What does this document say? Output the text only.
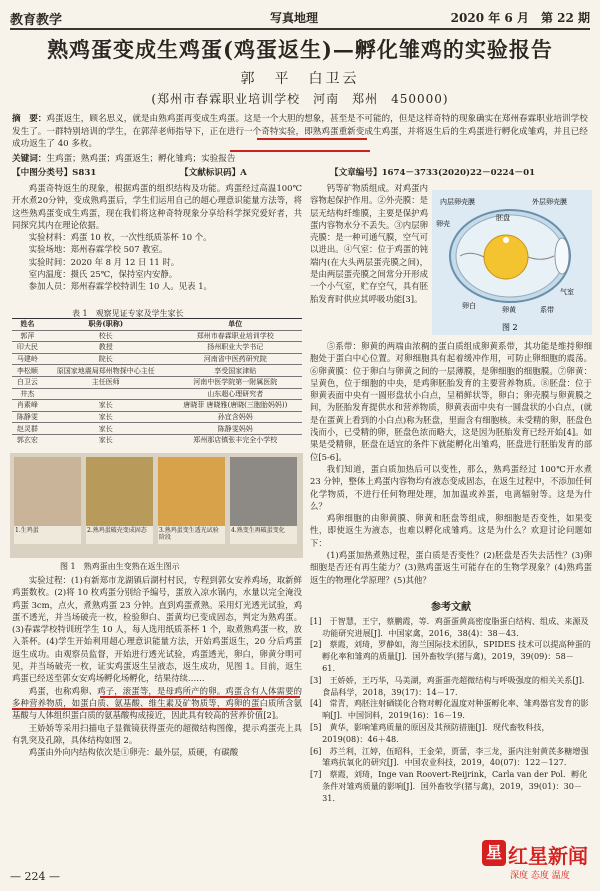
教育教学	写真地理	2020 年 6 月　第 22 期
熟鸡蛋变成生鸡蛋(鸡蛋返生)—孵化雏鸡的实验报告
郭　平　白卫云
(郑州市春霖职业培训学校　河南　郑州　450000)
摘　要：鸡蛋返生，顾名思义，就是由熟鸡蛋再变成生鸡蛋。这是一个大胆的想象，甚至是不可能的，但是这样奇特的现象确实在郑州春霖职业培训学校发生了。一群特别培训的学生，在郭萍老师指导下，正在进行一个奇特实验，即熟鸡蛋重新变成生鸡蛋，并将返生后的生鸡蛋进行孵化成雏鸡，并且已经成功返生了 40 多枚。
关键词：生鸡蛋；熟鸡蛋；鸡蛋返生；孵化雏鸡；实验报告
【中图分类号】S831	【文献标识码】A	【文章编号】1674－3733(2020)22－0224－01

鸡蛋奇特返生的现象，根据鸡蛋的组织结构及功能。鸡蛋经过高温100℃开水煮20分钟，变成熟鸡蛋后，学生们运用自己的超心理意识能量方法等，将这些熟鸡蛋变成生鸡蛋，现在我们将这种奇特现象分享给科学探究爱好者，共同探究其内在理论依据。

实验材料：鸡蛋 10 枚，一次性纸质茶杯 10 个。

实验场地：郑州春霖学校 507 教室。

实验时间：2020 年 8 月 12 日 11 时。

室内温度：摄氏 25℃，保持室内安静。

参加人员：郑州春霖学校特训生 10 人。见表 1。

表 1　观察见证专家及学生家长
姓名	职务(职称)	单位
郭萍	校长	郑州市春霖职业培训学校
印大民	教授	扬州职业大学书记
马建岭	院长	河南省中医药研究院
李松顺	原国家地震局郑州物探中心主任	享受国家津贴
白卫云	主任医师	河南中医学院第一附属医院
井杰		山东超心理研究者
肖素峰	家长	唐晓菲 唐晓雅(唐晓(三胞胎妈妈))
陈静雯	家长	孙宜含妈妈
赵灵群	家长	陈静雯妈妈
郭玄宏	家长	郑州那店镇张丰完全小学校
1.生鸡蛋	2.熟鸡蛋破壳变成固态	3.熟鸡蛋变生透光试验阶段
4.熟变生再破蛋变化
图 1　熟鸡蛋由生变熟在返生图示

实验过程：(1)有新郑市龙湖镇后湖村村民，专程到郭女安养鸡场，取新鲜鸡蛋数枚。(2)将 10 枚鸡蛋分别给予编号，蛋放入凉水锅内，水量以完全淹没鸡蛋 3cm，点火，煮熟鸡蛋 23 分钟。直到鸡蛋煮熟。采用灯光透光试验，鸡蛋不透光，并当场破壳一枚，检验卵白、蛋黄均已变成固态，判定为熟鸡蛋。(3)春霖学校特训班学生 10 人，每人选用纸质茶杯 1 个，取煮熟鸡蛋一枚，放入茶杯。(4)学生开始利用超心理意识能量方法，开始鸡蛋返生，20 分后鸡蛋返生成功。由观察员监督，开始进行透光试验，鸡蛋透光，卵白，卵黄分明可见，并当场破壳一枚，证实鸡蛋返生呈液态，返生成功，见图 1。目前，返生鸡蛋已经送至郭女安鸡场孵化场孵化，结果待续……

鸡蛋，也称鸡卵、鸡子，滚蛋等，是母鸡所产的卵。鸡蛋含有人体需要的多种营养物质，如蛋白质、氨基酸、维生素及矿物质等，鸡卵的蛋白质所含氨基酸与人体组织蛋白质的氨基酸构成接近，因此具有较高的营养价值[2]。

王娇娇等采用扫描电子显微镜获得蛋壳的超微结构图像，提示鸡蛋壳上具有乳突及孔隙，具体结构如图 2。

鸡蛋由外向内结构依次是①卵壳：最外层，质硬，有碳酸

钙等矿物质组成。对鸡蛋内容物起保护作用。②外壳膜：是层无结构纤维膜，主要是保护鸡蛋内容物水分不丢失。③内层卵壳膜：是一种可通气膜，空气可以进出。④气室：位于鸡蛋的钝端内(在大头两层蛋壳膜之间)，是由两层蛋壳膜之间常分开形成一个小气室，贮存空气，具有胚胎发育时供应其呼吸功能[3]。

内层卵壳膜	外层卵壳膜
卵壳
气室
卵白	卵黄
胚盘
系带
图 2

⑤系带：卵黄的两端由浓稠的蛋白质组成卵黄系带，其功能是维持卵细胞处于蛋白中心位置。对卵细胞具有起着缓冲作用，可防止卵细胞的震荡。⑥卵黄膜：位于卵白与卵黄之间的一层薄膜，是卵细胞的细胞膜。⑦卵黄：呈黄色，位于细胞的中央，是鸡卵胚胎发育的主要营养物质。⑧胚盘：位于卵黄表面中央有一圆形盘状小白点，呈稍鲜状等，卵白；卵壳膜与卵黄膜之间，为胚胎发育提供水和营养物质，卵黄表面中央有一圆盘状的小白点，(就是在蛋黄上看到的小白点)称为胚盘，里面含有细胞核。未受精的卵，胚盘色浅而小，已受精的卵，胚盘色浓而略大，这是因为胚胎发育已经开始[4]。如果是受精卵，胚盘在适宜的条件下就能孵化出雏鸡，胚盘进行胚胎发育的部位[5-6]。

我们知道，蛋白质加热后可以变性，那么，熟鸡蛋经过 100℃开水煮 23 分钟，整体上鸡蛋内容物均有液态变成固态，在返生过程中，不添加任何化学物质，不进行任何物理处理，加加温或养蛋，电离辐射等。这是为什么？

鸡卵细胞的由卵黄膜、卵黄和胚盘等组成，卵细胞是否变性，如果变性，即使返生为液态，也难以孵化成雏鸡。这是为什么？欢迎讨论问题如下：

(1)鸡蛋加热煮熟过程，蛋白质是否变性？(2)胚盘是否失去活性？(3)卵细胞是否还有再生能力？(3)熟鸡蛋返生可能存在的生物学现象？(4)熟鸡蛋返生的物理化学原理？(5)其他？

参考文献
[1]　于智慧，王宁，蔡鹏霞，等．鸡蛋蛋黄高密度脂蛋白结构、组成、来源及功能研究进展[J]．中国家禽，2016，38(4)：38－43．
[2]　蔡霞，刘琦，罗静如，海兰国际技术团队，SPIDES 技术可以提高种蛋的孵化率和雏鸡的质量[J]．国外畜牧学(猪与禽)，2019，39(09)：58－61．
[3]　王娇娇，王巧华，马美湖，鸡蛋蛋壳超微结构与呼吸强度的相关关系[J]．食品科学，2018，39(17)：14－17．
[4]　常青，鸡胚注射硒镁化合物对孵化温度对种蛋孵化率、雏鸡器官发育的影响[J]．中国饲料，2019(16)：16－19．
[5]　黄华，影响雏鸡质量的原因及其预防措施[J]．现代畜牧科技，2019(08)：46＋48．
[6]　苏兰利，江婷，伍昭科，王金荣，贾蕾，李三龙，蛋内注射黄芪多糖增强雏鸡抗氧化的研究[J]．中国农业科技，2019，40(07)：122－127．
[7]　蔡霞，刘琦，Inge van Roovert-Reijrink，Carla van der Pol．孵化条件对雏鸡质量的影响[J]．国外畜牧学(猪与禽)，2019，39(01)：30－31．
— 224 —
星 红星新闻
深度 态度 温度
